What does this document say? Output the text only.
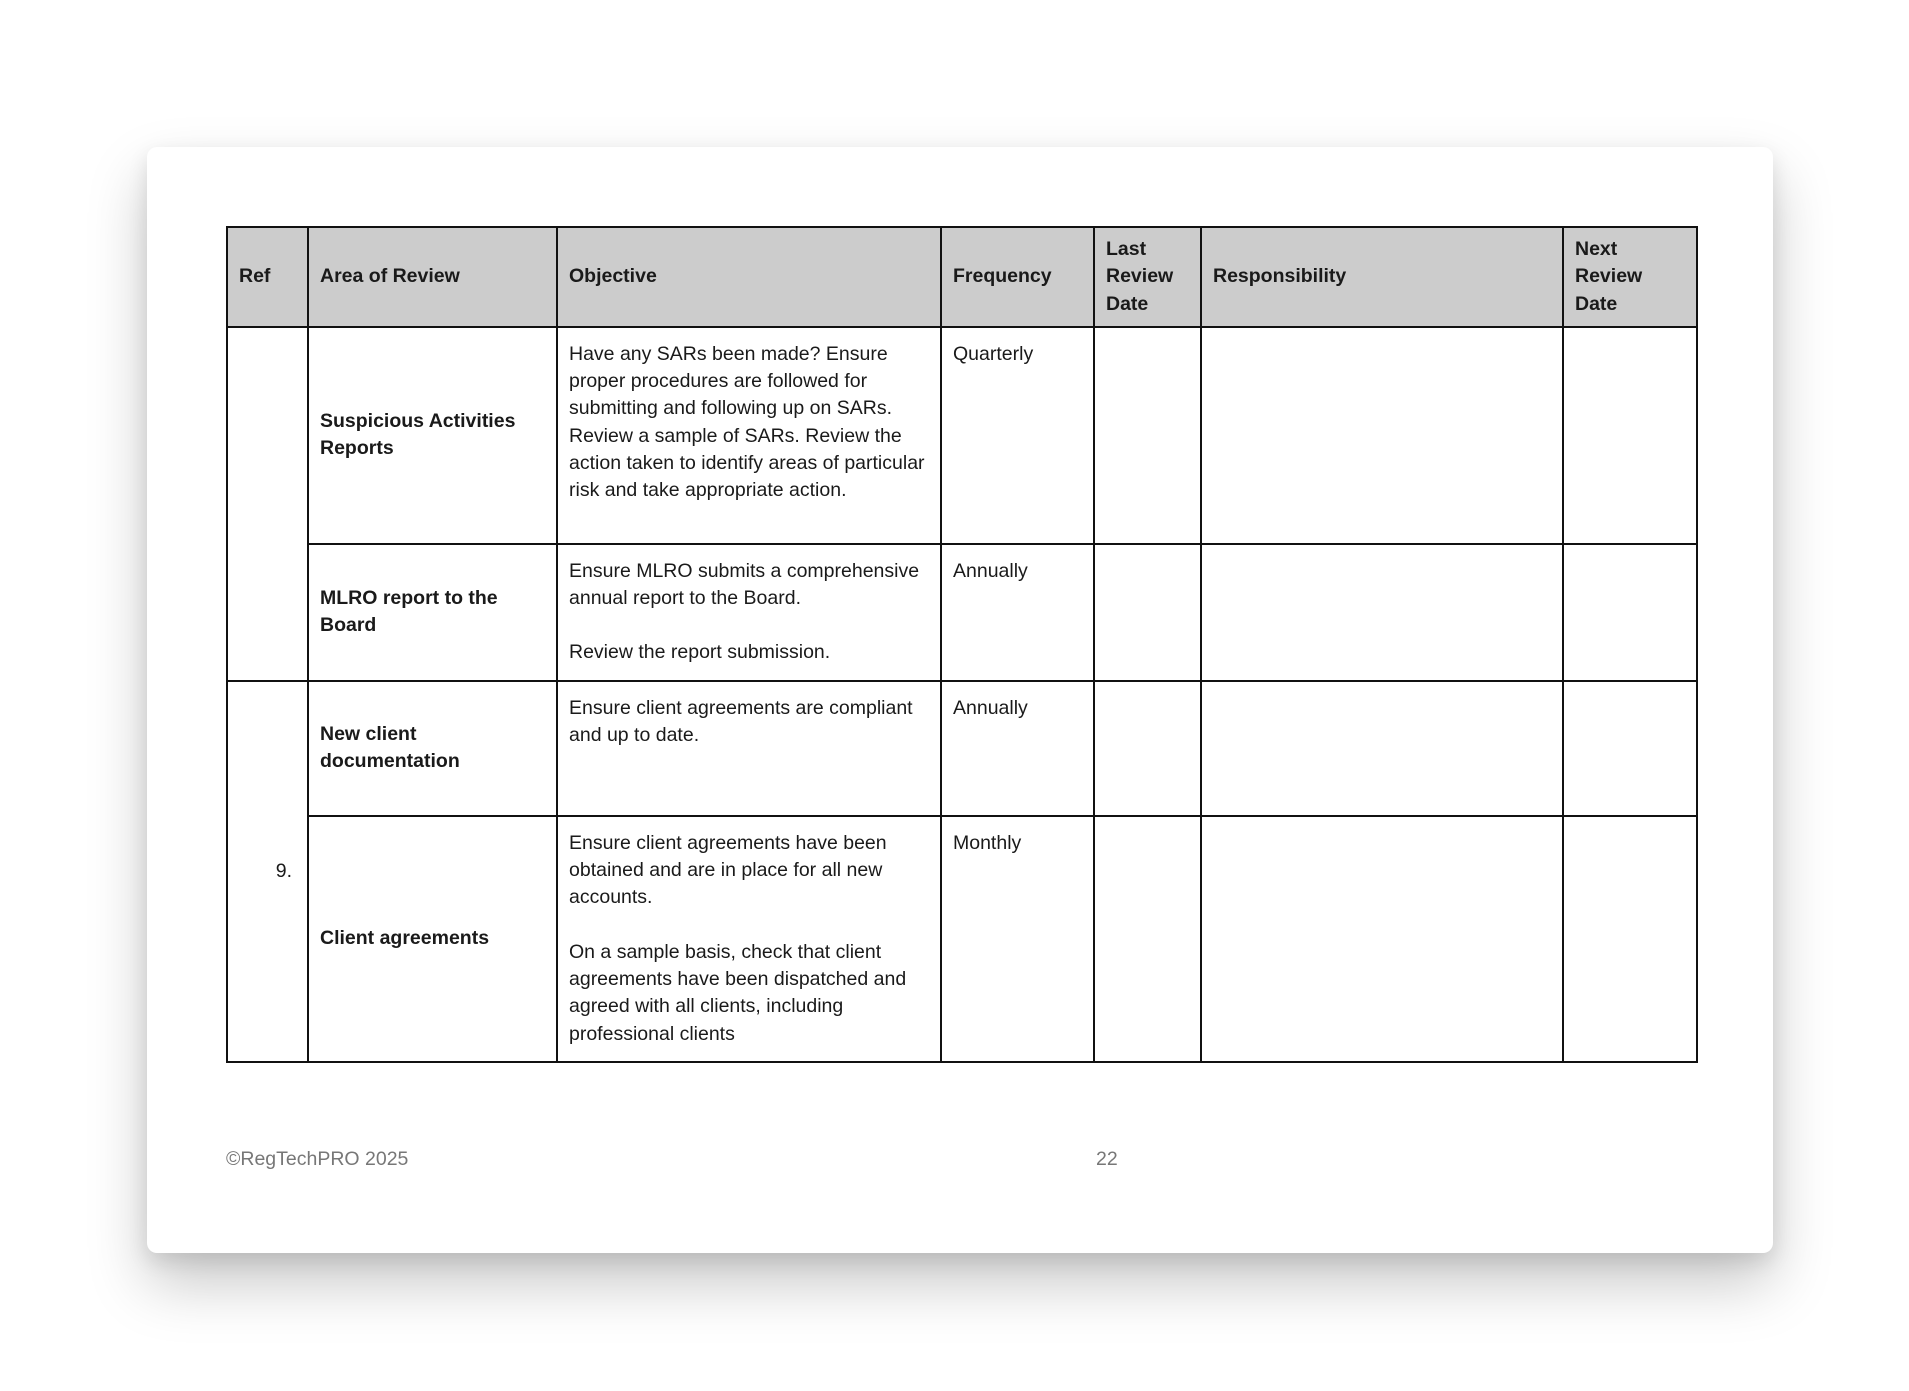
Ref	Area of Review	Objective	Frequency	Last Review Date	Responsibility	Next Review Date
	Suspicious Activities Reports	Have any SARs been made? Ensure proper procedures are followed for submitting and following up on SARs. Review a sample of SARs. Review the action taken to identify areas of particular risk and take appropriate action.	Quarterly			
	MLRO report to the Board	Ensure MLRO submits a comprehensive annual report to the Board.

Review the report submission.	Annually			
9.	New client documentation	Ensure client agreements are compliant and up to date.	Annually			
	Client agreements	Ensure client agreements have been obtained and are in place for all new accounts.

On a sample basis, check that client agreements have been dispatched and agreed with all clients, including professional clients	Monthly			
©RegTechPRO 2025	22
